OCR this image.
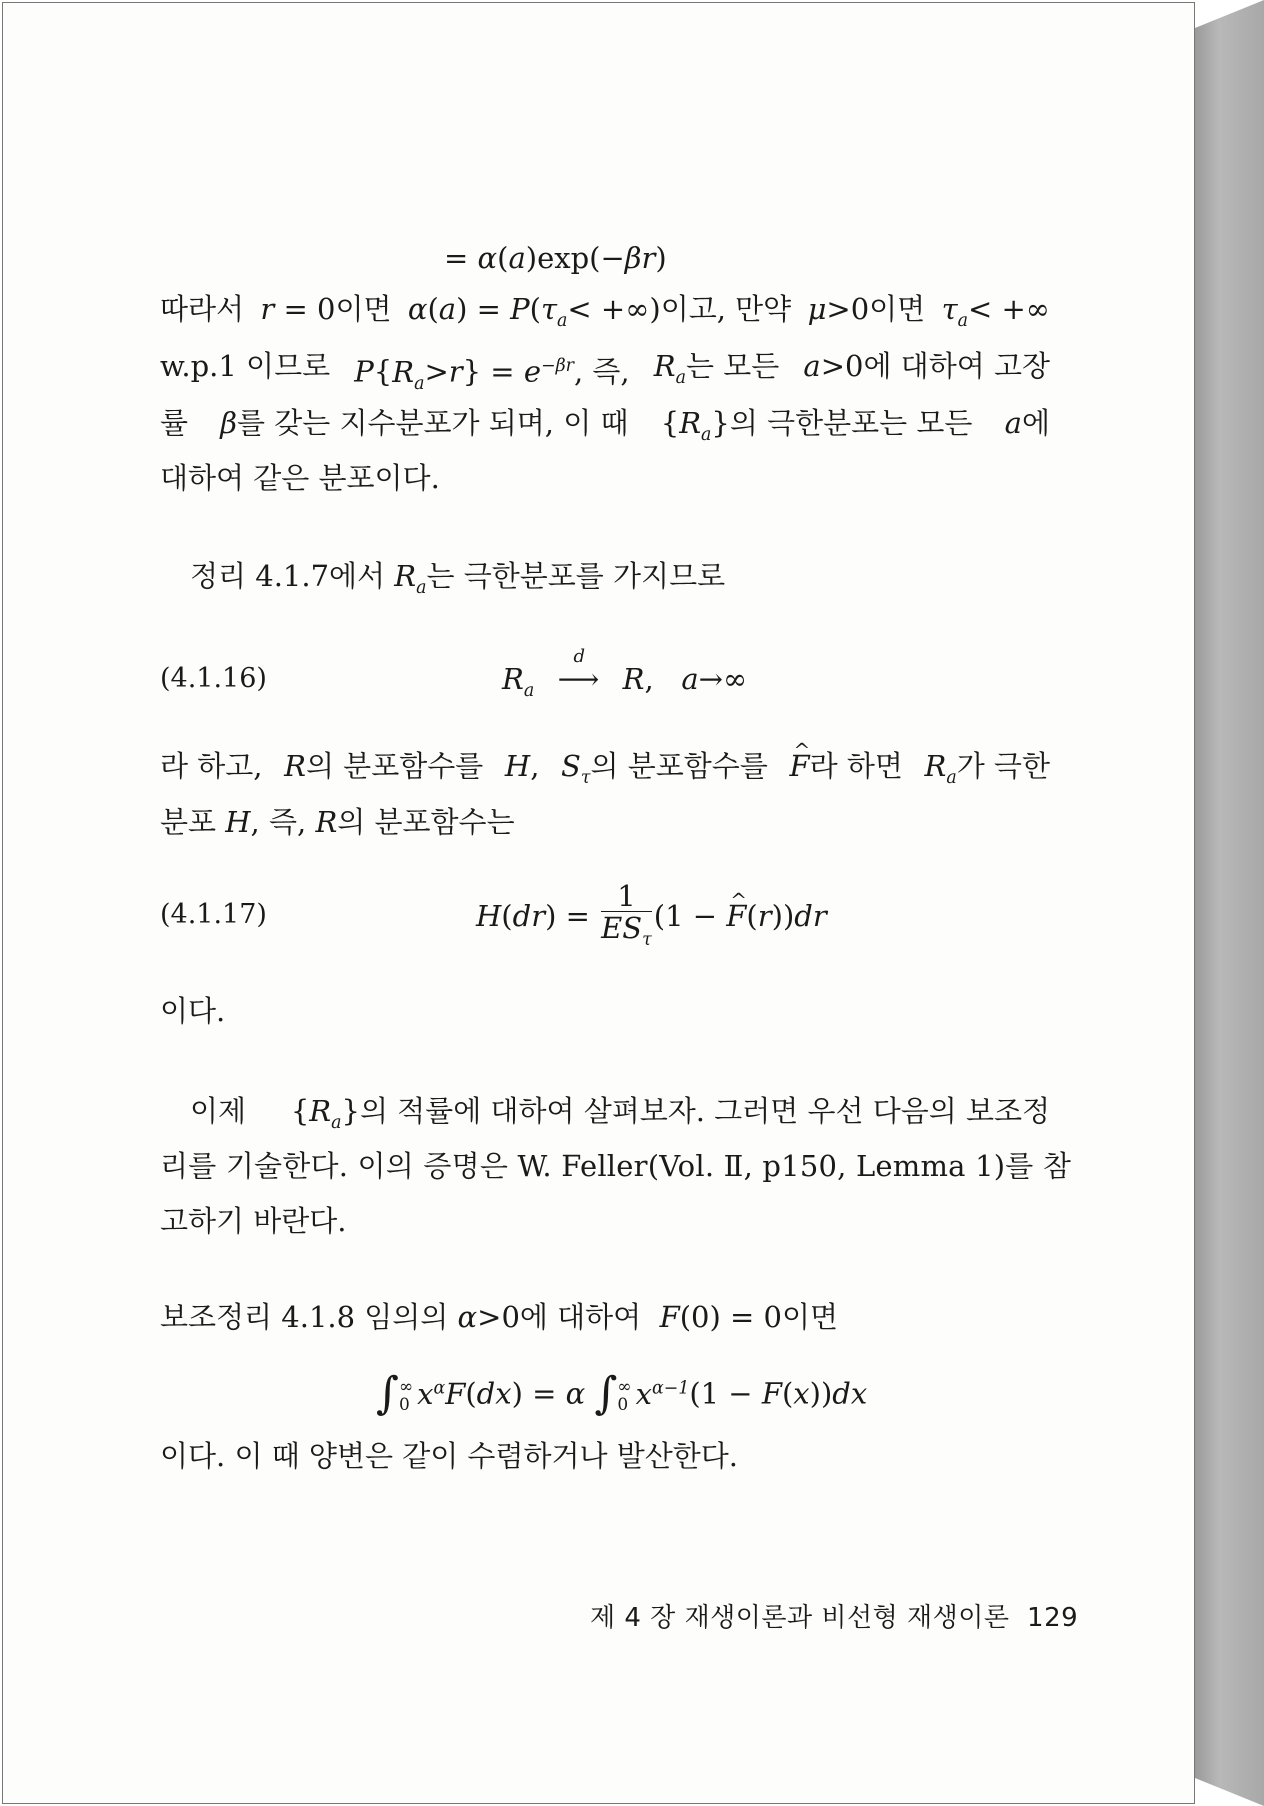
= α(a)exp(−βr)
따라서 r = 0이면 $\alpha(a) = P(\tau_a<$ +∞)이고, 만약 μ>0이면 $\tau_a<$ +∞
w.p.1 이므로 $P\{R_a>r\} = e^{-\beta r}$, 즉, $R_a$는 모든 a>0에 대하여 고장
률 β를 갖는 지수분포가 되며, 이 때 $\{R_a\}$의 극한분포는 모든 a에
대하여 같은 분포이다.
정리 4.1.7에서 $R_a$는 극한분포를 가지므로
(4.1.16)	$R_a$
d
⟶ R,   a→∞
라 하고, R의 분포함수를 H, $S_\tau$의 분포함수를
^ F라 하면 $R_a$가 극한
분포 H, 즉, R의 분포함수는
(4.1.17)	$H(dr) = \frac{1}{ES_\tau} (1$ − ^ F(r))dr
이다.
이제 $\{R_a\}$의 적률에 대하여 살펴보자. 그러면 우선 다음의 보조정
리를 기술한다. 이의 증명은 W. Feller(Vol. Ⅱ, p150, Lemma 1)를 참
고하기 바란다.
보조정리 4.1.8 임의의 α>0에 대하여 F(0) = 0이면
∫ ∞
0 $x^\alpha F(dx) = \alpha$ ∫ ∞
0 $x^{\alpha-1}(1 - F(x))dx$
이다. 이 때 양변은 같이 수렴하거나 발산한다.
제 4 장 재생이론과 비선형 재생이론 129
